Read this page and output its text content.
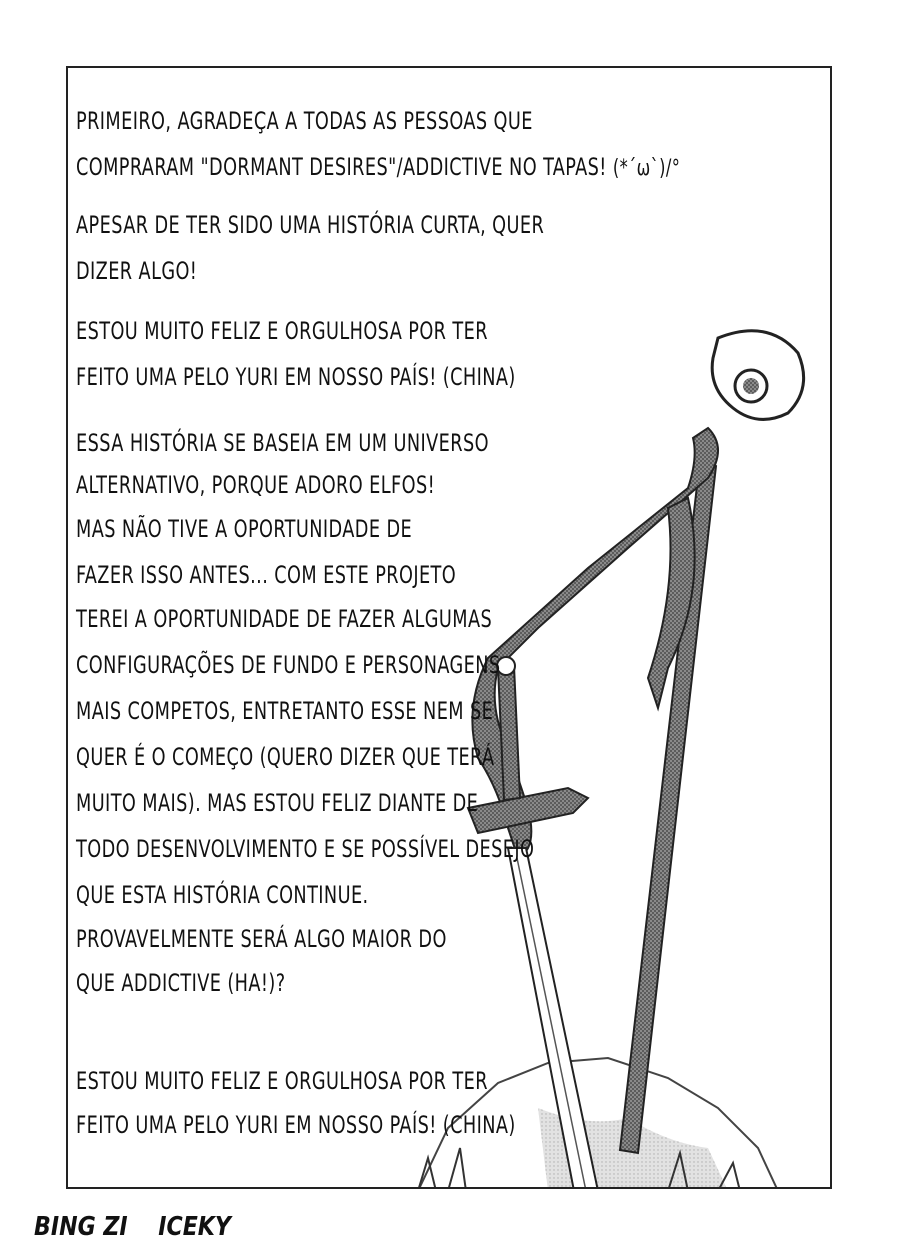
PRIMEIRO, AGRADEÇA A TODAS AS PESSOAS QUE
COMPRARAM "DORMANT DESIRES"/ADDICTIVE NO TAPAS! (*´ω`)/°
APESAR DE TER SIDO UMA HISTÓRIA CURTA, QUER
DIZER ALGO!
ESTOU MUITO FELIZ E ORGULHOSA POR TER
FEITO UMA PELO YURI EM NOSSO PAÍS! (CHINA)
ESSA HISTÓRIA SE BASEIA EM UM UNIVERSO
ALTERNATIVO, PORQUE ADORO ELFOS!
MAS NÃO TIVE A OPORTUNIDADE DE
FAZER ISSO ANTES... COM ESTE PROJETO
TEREI A OPORTUNIDADE DE FAZER ALGUMAS
CONFIGURAÇÕES DE FUNDO E PERSONAGENS
MAIS COMPETOS, ENTRETANTO ESSE NEM SE
QUER É O COMEÇO (QUERO DIZER QUE TERÁ
MUITO MAIS). MAS ESTOU FELIZ DIANTE DE
TODO DESENVOLVIMENTO E SE POSSÍVEL DESEJO
QUE ESTA HISTÓRIA CONTINUE.
PROVAVELMENTE SERÁ ALGO MAIOR DO
QUE ADDICTIVE (HA!)?
ESTOU MUITO FELIZ E ORGULHOSA POR TER
FEITO UMA PELO YURI EM NOSSO PAÍS! (CHINA)
BING ZI ICEKY
